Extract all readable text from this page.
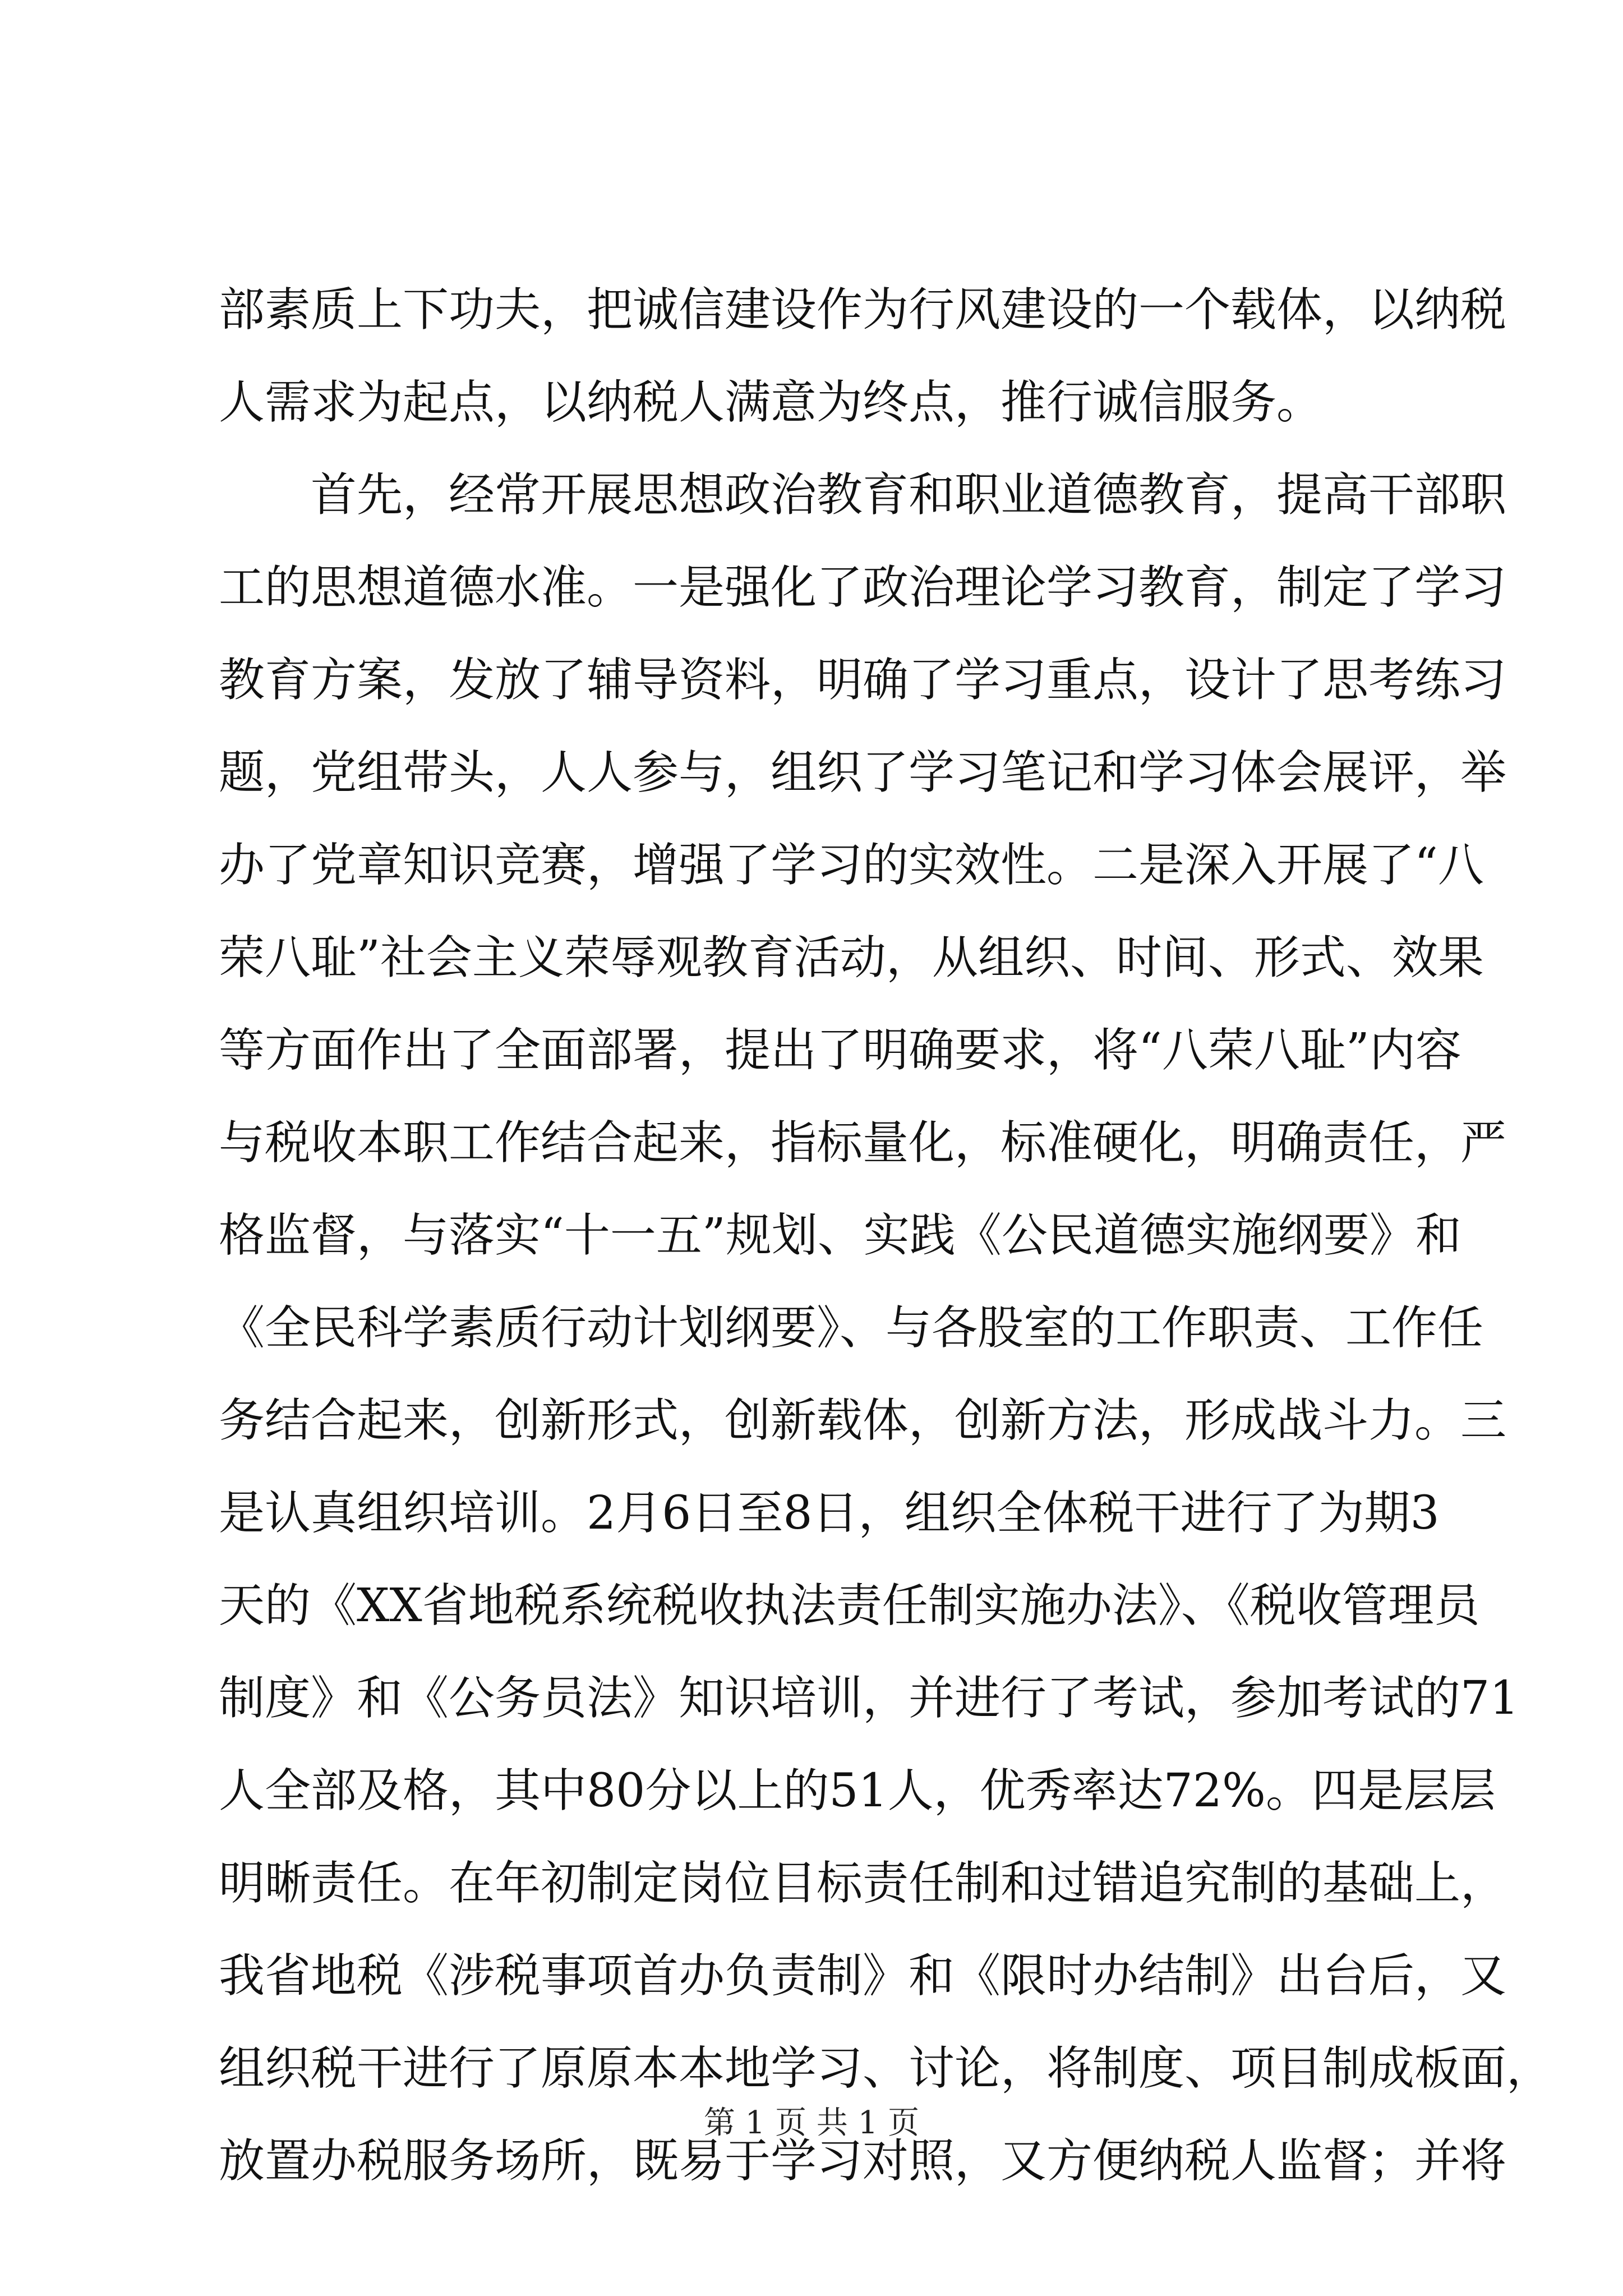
部素质上下功夫，把诚信建设作为行风建设的一个载体，以纳税
人需求为起点，以纳税人满意为终点，推行诚信服务。
　　首先，经常开展思想政治教育和职业道德教育，提高干部职
工的思想道德水准。一是强化了政治理论学习教育，制定了学习
教育方案，发放了辅导资料，明确了学习重点，设计了思考练习
题，党组带头，人人参与，组织了学习笔记和学习体会展评，举
办了党章知识竞赛，增强了学习的实效性。二是深入开展了“八
荣八耻”社会主义荣辱观教育活动，从组织、时间、形式、效果
等方面作出了全面部署，提出了明确要求，将“八荣八耻”内容
与税收本职工作结合起来，指标量化，标准硬化，明确责任，严
格监督，与落实“十一五”规划、实践《公民道德实施纲要》和
《全民科学素质行动计划纲要》、与各股室的工作职责、工作任
务结合起来，创新形式，创新载体，创新方法，形成战斗力。三
是认真组织培训。2月6日至8日，组织全体税干进行了为期3
天的《XX省地税系统税收执法责任制实施办法》、《税收管理员
制度》和《公务员法》知识培训，并进行了考试，参加考试的71
人全部及格，其中80分以上的51人，优秀率达72%。四是层层
明晰责任。在年初制定岗位目标责任制和过错追究制的基础上，
我省地税《涉税事项首办负责制》和《限时办结制》出台后，又
组织税干进行了原原本本地学习、讨论，将制度、项目制成板面，
放置办税服务场所，既易于学习对照，又方便纳税人监督；并将
第 1 页 共 1 页
